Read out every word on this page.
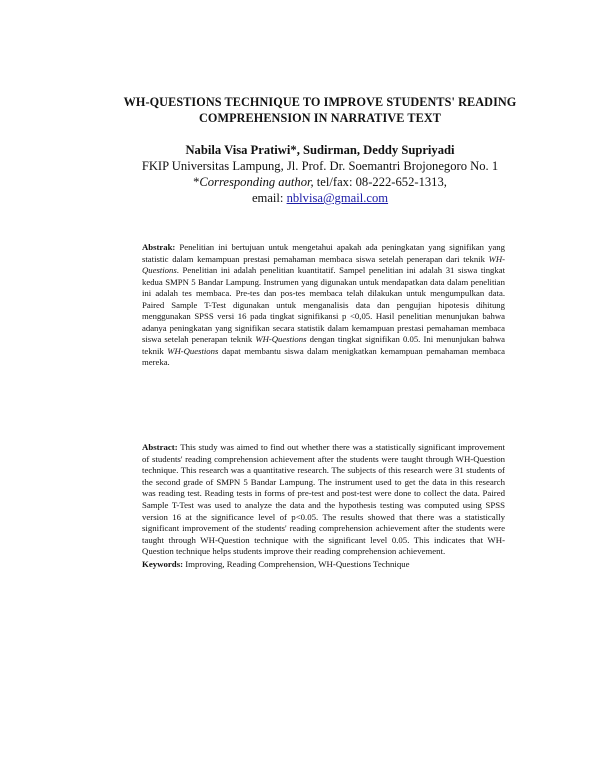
WH-QUESTIONS TECHNIQUE TO IMPROVE STUDENTS' READING
COMPREHENSION IN NARRATIVE TEXT
Nabila Visa Pratiwi*, Sudirman, Deddy Supriyadi
FKIP Universitas Lampung, Jl. Prof. Dr. Soemantri Brojonegoro No. 1
*Corresponding author, tel/fax: 08-222-652-1313,
email: nblvisa@gmail.com
Abstrak: Penelitian ini bertujuan untuk mengetahui apakah ada peningkatan yang signifikan yang statistic dalam kemampuan prestasi pemahaman membaca siswa setelah penerapan dari teknik WH-Questions. Penelitian ini adalah penelitian kuantitatif. Sampel penelitian ini adalah 31 siswa tingkat kedua SMPN 5 Bandar Lampung. Instrumen yang digunakan untuk mendapatkan data dalam penelitian ini adalah tes membaca. Pre-tes dan pos-tes membaca telah dilakukan untuk mengumpulkan data. Paired Sample T-Test digunakan untuk menganalisis data dan pengujian hipotesis dihitung menggunakan SPSS versi 16 pada tingkat signifikansi p <0,05. Hasil penelitian menunjukan bahwa adanya peningkatan yang signifikan secara statistik dalam kemampuan prestasi pemahaman membaca siswa setelah penerapan teknik WH-Questions dengan tingkat signifikan 0.05. Ini menunjukan bahwa teknik WH-Questions dapat membantu siswa dalam menigkatkan kemampuan pemahaman membaca mereka.
Abstract: This study was aimed to find out whether there was a statistically significant improvement of students' reading comprehension achievement after the students were taught through WH-Question technique. This research was a quantitative research. The subjects of this research were 31 students of the second grade of SMPN 5 Bandar Lampung. The instrument used to get the data in this research was reading test. Reading tests in forms of pre-test and post-test were done to collect the data. Paired Sample T-Test was used to analyze the data and the hypothesis testing was computed using SPSS version 16 at the significance level of p<0.05. The results showed that there was a statistically significant improvement of the students' reading comprehension achievement after the students were taught through WH-Question technique with the significant level 0.05. This indicates that WH-Question technique helps students improve their reading comprehension achievement.
Keywords: Improving, Reading Comprehension, WH-Questions Technique
